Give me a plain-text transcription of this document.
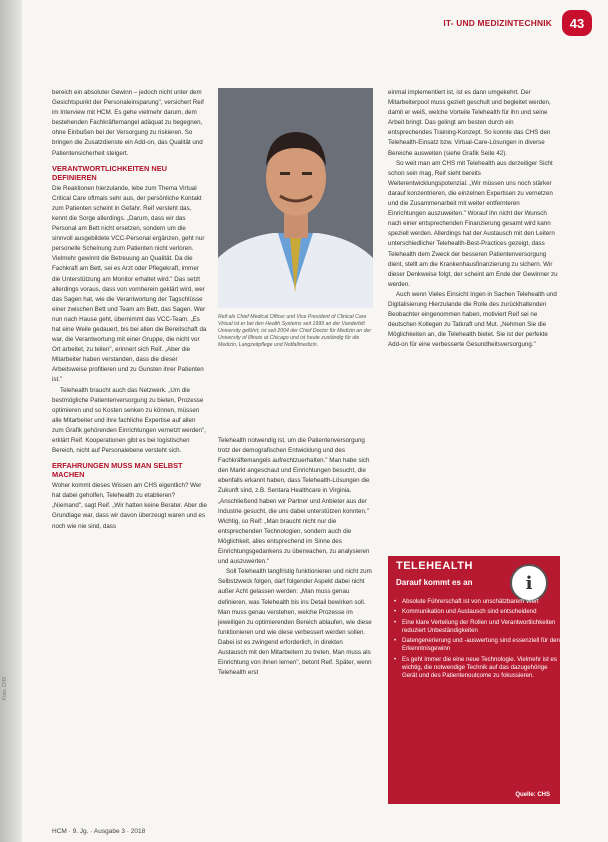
Foto: CHS
IT- UND MEDIZINTECHNIK	43

bereich ein absoluter Gewinn – jedoch nicht unter dem Gesichtspunkt der Personaleinsparung", versichert Reif im Interview mit HCM. Es gehe vielmehr darum, dem bestehenden Fachkräftemangel adäquat zu begegnen, ohne Einbußen bei der Versorgung zu riskieren. So bringen die Zusatzdienste ein Add-on, das Qualität und Patientensicherheit steigert.

VERANTWORTLICHKEITEN NEU DEFINIEREN

Die Reaktionen hierzulande, lebe zum Thema Virtual Critical Care oftmals sehr aus, der persönliche Kontakt zum Patienten scheint in Gefahr. Reif versteht das, kennt die Sorge allerdings. „Darum, dass wir das Personal am Bett nicht ersetzen, sondern um die sinnvoll ausgebildete VCC-Personal ergänzen, geht nur personelle Scheinung zum Patienten nicht verloren. Vielmehr gewinnt die Betreuung an Qualität. Da die Fachkraft am Bett, sei es Arzt oder Pflegekraft, immer die Unterstützung am Monitor erhaltet wird." Das setzt allerdings voraus, dass von vornherein geklärt wird, wer das Sagen hat, wie die Verantwortung der Tagschlüsse einer zwischen Bett und Team am Bett, das Sagen. Wer nun nach Hause geht, übernimmt das VCC-Team. „Es hat eine Weile gedauert, bis bei allen die Bereitschaft da war, die Verantwortung mit einer Gruppe, die nicht vor Ort arbeitet, zu teilen", erinnert sich Reif. „Aber die Mitarbeiter haben verstanden, dass die dieser Arbeitsweise profitieren und zu Gunsten ihrer Patienten ist."

Telehealth braucht auch das Netzwerk. „Um die bestmögliche Patientenversorgung zu bieten, Prozesse optimieren und so Kosten senken zu können, müssen alle Mitarbeiter und ihre fachliche Expertise auf allen zum Grafik gehörenden Einrichtungen vernetzt werden", erklärt Reif. Kooperationen gibt es bei logistischen Bereich, nicht auf Personalebene versteht sich.

ERFAHRUNGEN MUSS MAN SELBST MACHEN

Woher kommt dieses Wissen am CHS eigentlich? Wer hat dabei geholfen, Telehealth zu etablieren? „Niemand", sagt Reif. „Wir hatten keine Berater. Aber die Grundlage war, dass wir davon überzeugt waren und es noch wie nie sind, dass

Reif als Chief Medical Officer und Vice President of Clinical Care Virtual ist er bei den Health Systems seit 1999 an der Vanderbilt University geführt, ist seit 2004 der Chief Doctor für Medizin an der University of Illinois at Chicago und ist heute zuständig für die Medizin, Langzeitpflege und Notfallmedizin.

Telehealth notwendig ist, um die Patientenversorgung trotz der demografischen Entwicklung und des Fachkräftemangels aufrechtzuerhalten." Man habe sich den Markt angeschaut und Einrichtungen besucht, die ebenfalls erkannt haben, dass Telehealth-Lösungen die Zukunft sind, z.B. Sentara Healthcare in Virginia. „Anschließend haben wir Partner und Anbieter aus der Industrie gesucht, die uns dabei unterstützen konnten." Wichtig, so Reif: „Man braucht nicht nur die entsprechenden Technologien, sondern auch die Möglichkeit, alles entsprechend im Sinne des Einrichtungsgedankens zu überwachen, zu analysieren und auszuwerten."

Soll Telehealth langfristig funktionieren und nicht zum Selbstzweck folgen, darf folgender Aspekt dabei nicht außer Acht gelassen werden: „Man muss genau definieren, was Telehealth bis ins Detail bewirken soll. Man muss genau verstehen, welche Prozesse im jeweiligen zu optimierenden Bereich ablaufen, wie diese funktionieren und wie diese verbessert werden sollen. Dabei ist es zwingend erforderlich, in direkten Austausch mit den Mitarbeitern zu treten. Man muss als Einrichtung von ihnen lernen", betont Reif. Später, wenn Telehealth erst

einmal implementiert ist, ist es dann umgekehrt. Der Mitarbeiterpool muss gezielt geschult und begleitet werden, damit er weiß, welche Vorteile Telehealth für ihn und seine Arbeit bringt. Das gelingt am besten durch ein entsprechendes Training-Konzept. So konnte das CHS den Telehealth-Einsatz bzw. Virtual-Care-Lösungen in diverse Bereiche ausweiten (siehe Grafik Seite 42).

So weit man am CHS mit Telehealth aus derzeitiger Sicht schon sein mag, Reif sieht bereits Weiterentwicklungspotenzial. „Wir müssen uns noch stärker darauf konzentrieren, die einzelnen Expertisen zu vernetzen und die Zusammenarbeit mit weiter entfernteren Einrichtungen auszuweiten." Worauf ihn nicht der Wunsch nach einer entsprechenden Finanzierung gesamt wird kann speziell werden. Allerdings hat der Austausch mit den Leitern unterschiedlicher Telehealth-Best-Practices gezeigt, dass Telehealth dem Zweck der besseren Patientenversorgung dient, stellt am die Krankenhausfinanzierung zu sichern. Wir dieser Denkweise folgt, der scheint am Ende der Gewinner zu werden.

Auch wenn Vieles Einsicht Ingen in Sachen Telehealth und Digitalisierung Hierzulande die Rolle des zurückhaltenden Beobachter eingenommen haben, motiviert Reif sei ne deutschen Kollegen zu Tatkraft und Mut. „Nehmen Sie die Möglichkeiten an, die Telehealth bietet. Sie ist der perfekte Add-on für eine verbesserte Gesundheitsversorgung."

TELEHEALTH
Darauf kommt es an	i
• Absolute Führerschaft ist von unschätzbarem Wert
• Kommunikation und Austausch sind entscheidend
• Eine klare Verteilung der Rollen und Verantwortlichkeiten reduziert Unbeständigkeiten
• Datengenerierung und -auswertung sind essenziell für den Erkenntnisgewinn
• Es geht immer die eine neue Technologie. Vielmehr ist es wichtig, die notwendige Technik auf das dazugehörige Gerät und des Patientenoutcome zu fokussieren.
Quelle: CHS
HCM · 9. Jg. · Ausgabe 3 · 2018
